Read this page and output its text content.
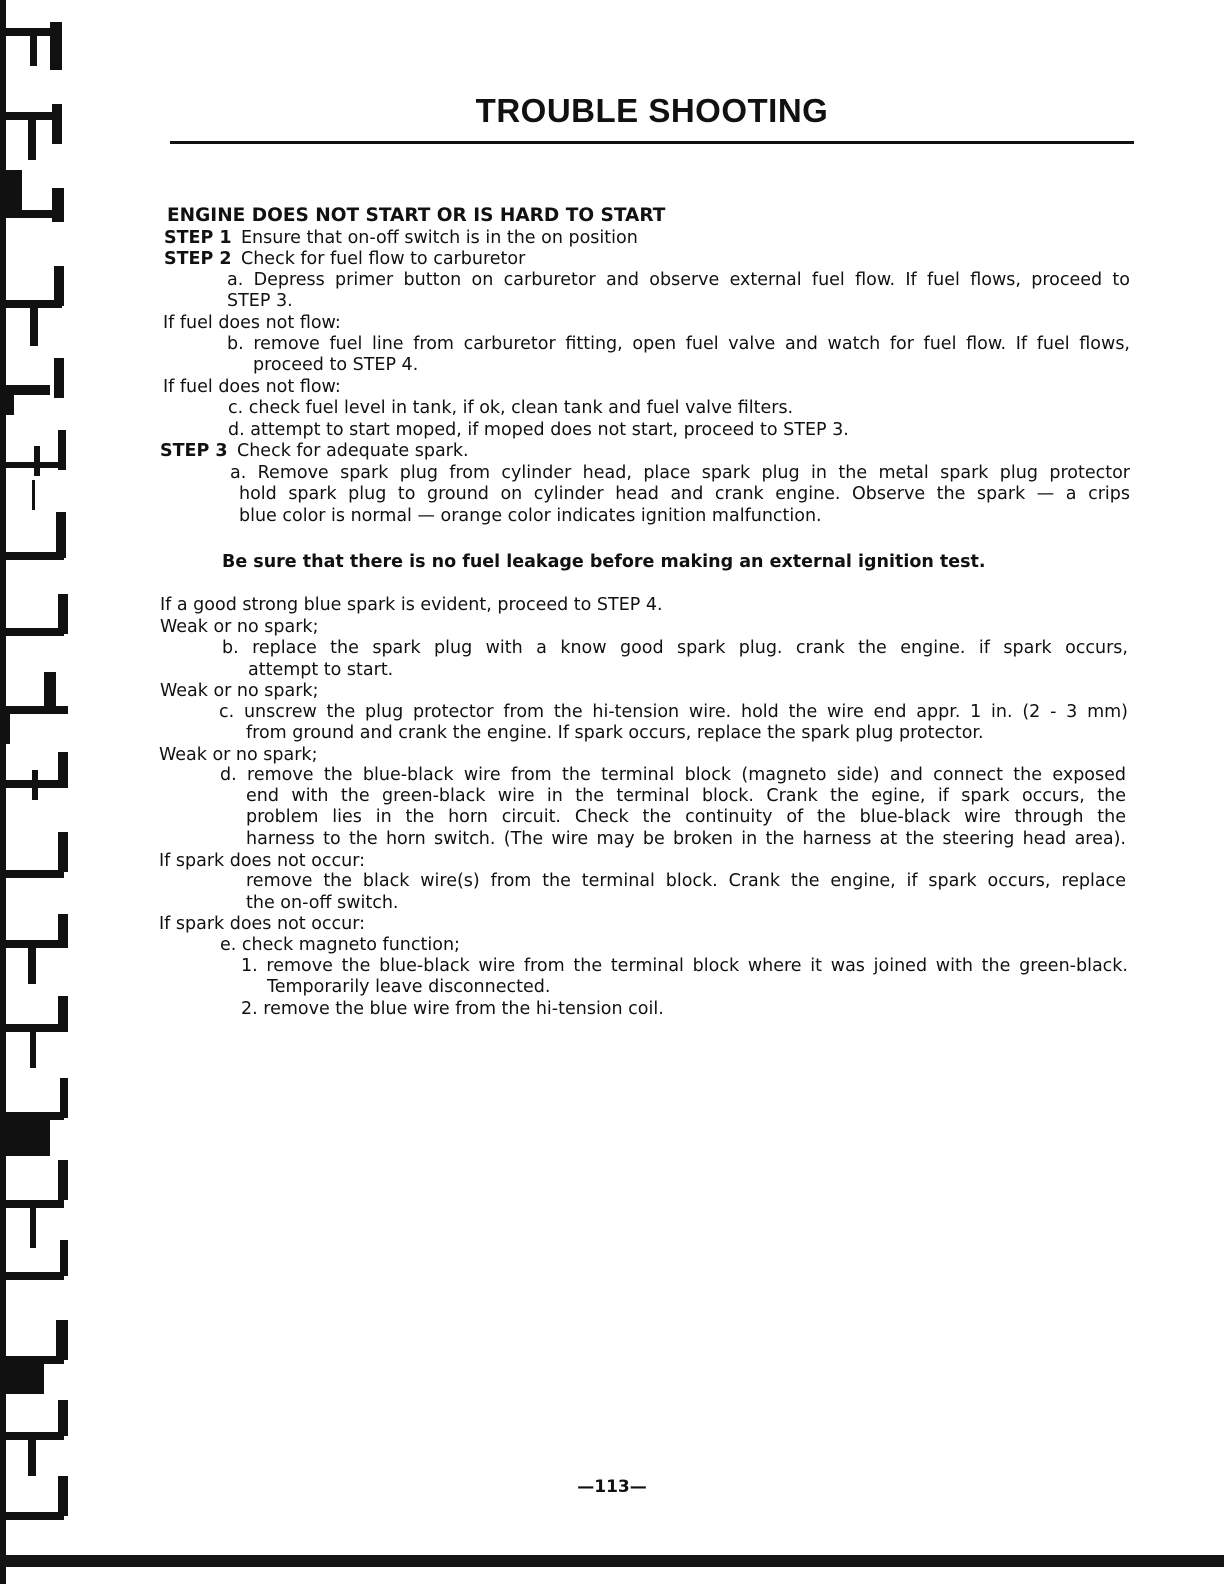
TROUBLE SHOOTING
ENGINE DOES NOT START OR IS HARD TO START
STEP 1 Ensure that on-off switch is in the on position
STEP 2 Check for fuel flow to carburetor
a. Depress primer button on carburetor and observe external fuel flow. If fuel flows, proceed to
STEP 3.
If fuel does not flow:
b. remove fuel line from carburetor fitting, open fuel valve and watch for fuel flow. If fuel flows,
proceed to STEP 4.
If fuel does not flow:
c. check fuel level in tank, if ok, clean tank and fuel valve filters.
d. attempt to start moped, if moped does not start, proceed to STEP 3.
STEP 3 Check for adequate spark.
a. Remove spark plug from cylinder head, place spark plug in the metal spark plug protector
hold spark plug to ground on cylinder head and crank engine. Observe the spark — a crips
blue color is normal — orange color indicates ignition malfunction.
Be sure that there is no fuel leakage before making an external ignition test.
If a good strong blue spark is evident, proceed to STEP 4.
Weak or no spark;
b. replace the spark plug with a know good spark plug. crank the engine. if spark occurs,
attempt to start.
Weak or no spark;
c. unscrew the plug protector from the hi-tension wire. hold the wire end appr. 1 in. (2 - 3 mm)
from ground and crank the engine. If spark occurs, replace the spark plug protector.
Weak or no spark;
d. remove the blue-black wire from the terminal block (magneto side) and connect the exposed
end with the green-black wire in the terminal block. Crank the egine, if spark occurs, the
problem lies in the horn circuit. Check the continuity of the blue-black wire through the
harness to the horn switch. (The wire may be broken in the harness at the steering head area).
If spark does not occur:
remove the black wire(s) from the terminal block. Crank the engine, if spark occurs, replace
the on-off switch.
If spark does not occur:
e. check magneto function;
1. remove the blue-black wire from the terminal block where it was joined with the green-black.
Temporarily leave disconnected.
2. remove the blue wire from the hi-tension coil.
—113—
